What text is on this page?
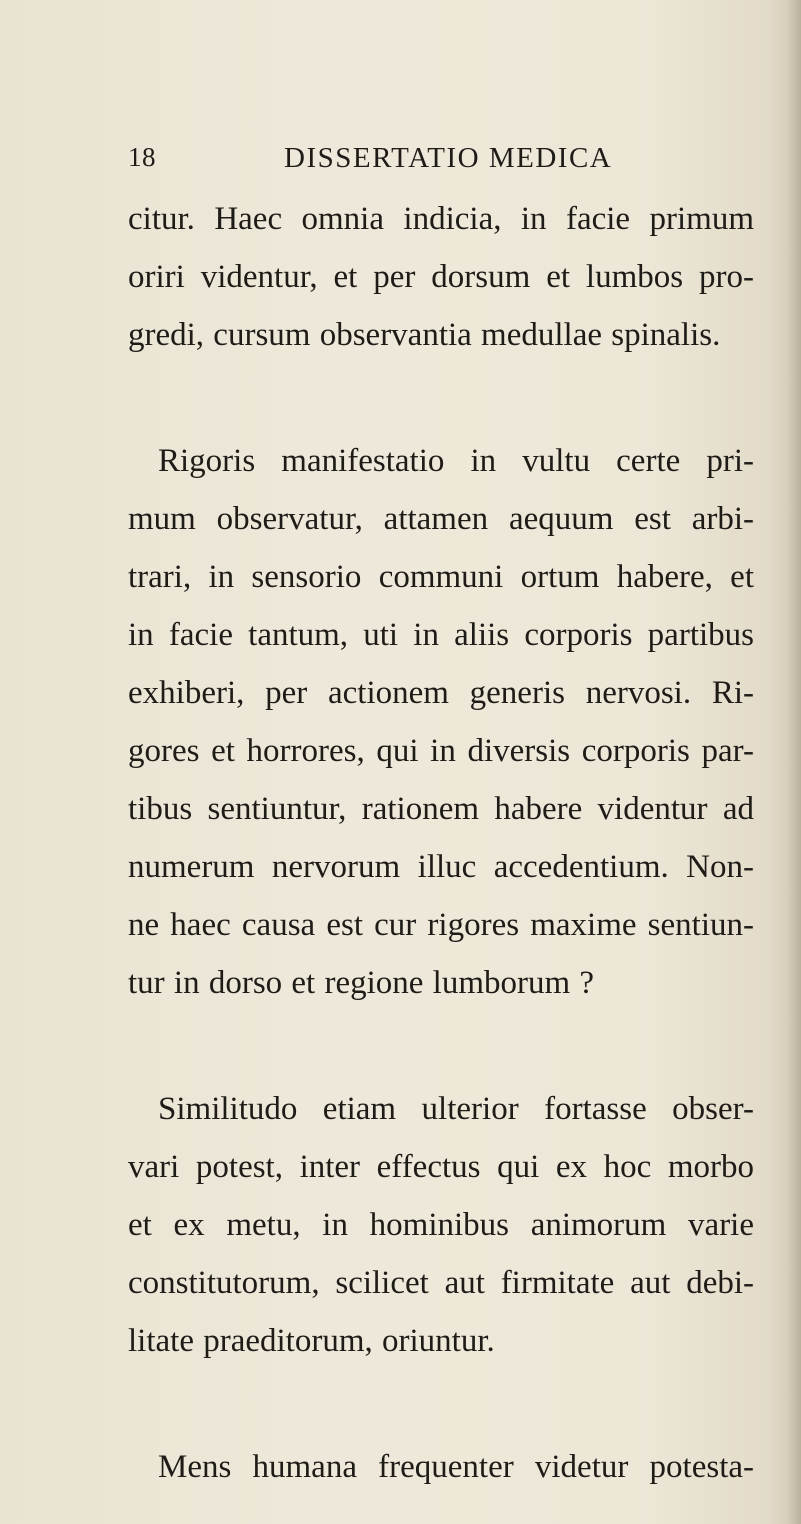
18	DISSERTATIO MEDICA
citur. Haec omnia indicia, in facie primum
oriri videntur, et per dorsum et lumbos pro-
gredi, cursum observantia medullae spinalis.
Rigoris manifestatio in vultu certe pri-
mum observatur, attamen aequum est arbi-
trari, in sensorio communi ortum habere, et
in facie tantum, uti in aliis corporis partibus
exhiberi, per actionem generis nervosi. Ri-
gores et horrores, qui in diversis corporis par-
tibus sentiuntur, rationem habere videntur ad
numerum nervorum illuc accedentium. Non-
ne haec causa est cur rigores maxime sentiun-
tur in dorso et regione lumborum ?
Similitudo etiam ulterior fortasse obser-
vari potest, inter effectus qui ex hoc morbo
et ex metu, in hominibus animorum varie
constitutorum, scilicet aut firmitate aut debi-
litate praeditorum, oriuntur.
Mens humana frequenter videtur potesta-
